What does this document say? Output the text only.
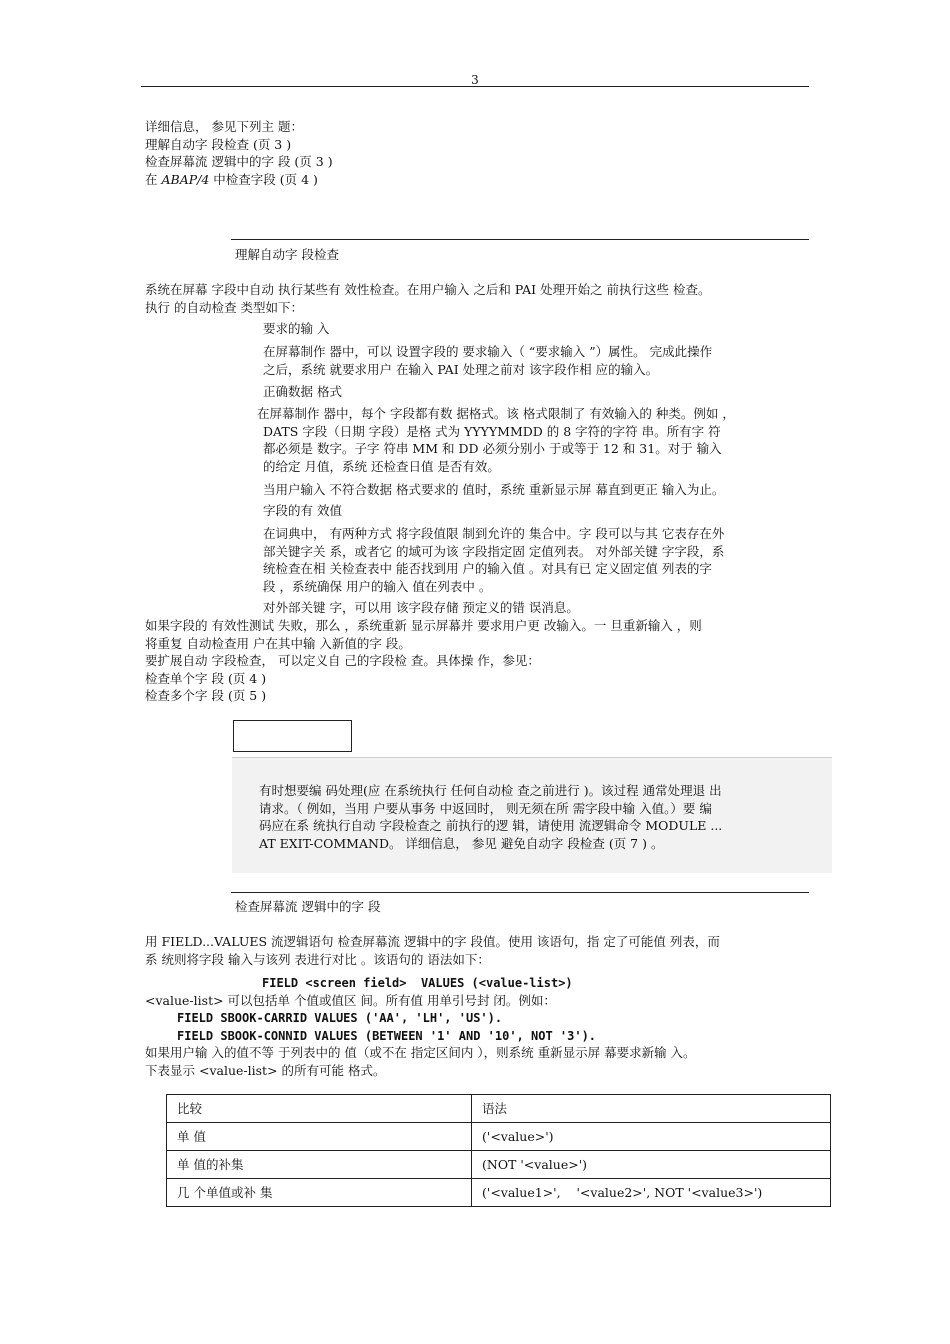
3

详细信息， 参见下列主 题：

理解自动字 段检查 (页 3 )

检查屏幕流 逻辑中的字 段 (页 3 )

在 ABAP/4 中检查字段 (页 4 )

理解自动字 段检查

系统在屏幕 字段中自动 执行某些有 效性检查。在用户输入 之后和 PAI 处理开始之 前执行这些 检查。

执行 的自动检查 类型如下：

要求的输 入

在屏幕制作 器中，可以 设置字段的 要求输入（ “要求输入 ”）属性。 完成此操作

之后，系统 就要求用户 在输入 PAI 处理之前对 该字段作相 应的输入。

正确数据 格式

在屏幕制作 器中，每个 字段都有数 据格式。该 格式限制了 有效输入的 种类。例如 ，

DATS 字段（日期 字段）是格 式为 YYYYMMDD 的 8 字符的字符 串。所有字 符

都必须是 数字。子字 符串 MM 和 DD 必须分别小 于或等于 12 和 31。对于 输入

的给定 月值，系统 还检查日值 是否有效。

当用户输入 不符合数据 格式要求的 值时，系统 重新显示屏 幕直到更正 输入为止。

字段的有 效值

在词典中， 有两种方式 将字段值限 制到允许的 集合中。字 段可以与其 它表存在外

部关键字关 系，或者它 的域可为该 字段指定固 定值列表。 对外部关键 字字段，系

统检查在相 关检查表中 能否找到用 户的输入值 。对具有已 定义固定值 列表的字

段 ，系统确保 用户的输入 值在列表中 。

对外部关键 字，可以用 该字段存储 预定义的错 误消息。

如果字段的 有效性测试 失败，那么 ，系统重新 显示屏幕并 要求用户更 改输入。一 旦重新输入 ，则

将重复 自动检查用 户在其中输 入新值的字 段。

要扩展自动 字段检查， 可以定义自 己的字段检 查。具体操 作，参见：

检查单个字 段 (页 4 )

检查多个字 段 (页 5 )

有时想要编 码处理(应 在系统执行 任何自动检 查之前进行 )。该过程 通常处理退 出

请求。（ 例如，当用 户要从事务 中返回时， 则无须在所 需字段中输 入值。）要 编

码应在系 统执行自动 字段检查之 前执行的逻 辑，请使用 流逻辑命令 MODULE ...

AT EXIT-COMMAND。 详细信息， 参见 避免自动字 段检查 (页 7 ) 。

检查屏幕流 逻辑中的字 段

用 FIELD...VALUES 流逻辑语句 检查屏幕流 逻辑中的字 段值。使用 该语句，指 定了可能值 列表，而

系 统则将字段 输入与该列 表进行对比 。该语句的 语法如下：

FIELD <screen field>  VALUES (<value-list>)

<value-list> 可以包括单 个值或值区 间。所有值 用单引号封 闭。例如：

FIELD SBOOK-CARRID VALUES ('AA', 'LH', 'US').
FIELD SBOOK-CONNID VALUES (BETWEEN '1' AND '10', NOT '3').

如果用户输 入的值不等 于列表中的 值（或不在 指定区间内 ），则系统 重新显示屏 幕要求新输 入。

下表显示 <value-list> 的所有可能 格式。

比较	语法
单 值	('<value>')
单 值的补集	(NOT '<value>')
几 个单值或补 集	('<value1>',    '<value2>', NOT '<value3>')
